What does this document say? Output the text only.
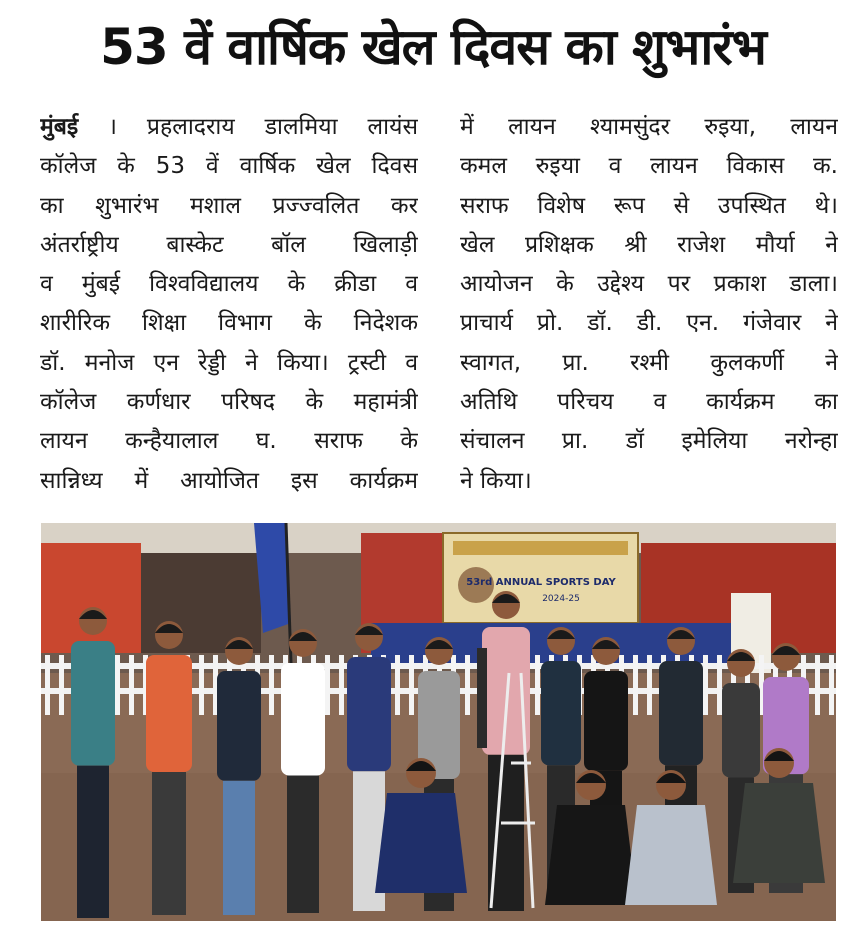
53 वें वार्षिक खेल दिवस का शुभारंभ
मुंबई । प्रहलादराय डालमिया लायंस
कॉलेज के 53 वें वार्षिक खेल दिवस
का शुभारंभ मशाल प्रज्ज्वलित कर
अंतर्राष्ट्रीय बास्केट बॉल खिलाड़ी
व मुंबई विश्वविद्यालय के क्रीडा व
शारीरिक शिक्षा विभाग के निदेशक
डॉ. मनोज एन रेड्डी ने किया। ट्रस्टी व
कॉलेज कर्णधार परिषद के महामंत्री
लायन कन्हैयालाल घ. सराफ के
सान्निध्य में आयोजित इस कार्यक्रम
में लायन श्यामसुंदर रुइया, लायन
कमल रुइया व लायन विकास क.
सराफ विशेष रूप से उपस्थित थे।
खेल प्रशिक्षक श्री राजेश मौर्या ने
आयोजन के उद्देश्य पर प्रकाश डाला।
प्राचार्य प्रो. डॉ. डी. एन. गंजेवार ने
स्वागत, प्रा. रश्मी कुलकर्णी ने
अतिथि परिचय व कार्यक्रम का
संचालन प्रा. डॉ इमेलिया नरोन्हा
ने किया।
53rd ANNUAL SPORTS DAY
2024-25
